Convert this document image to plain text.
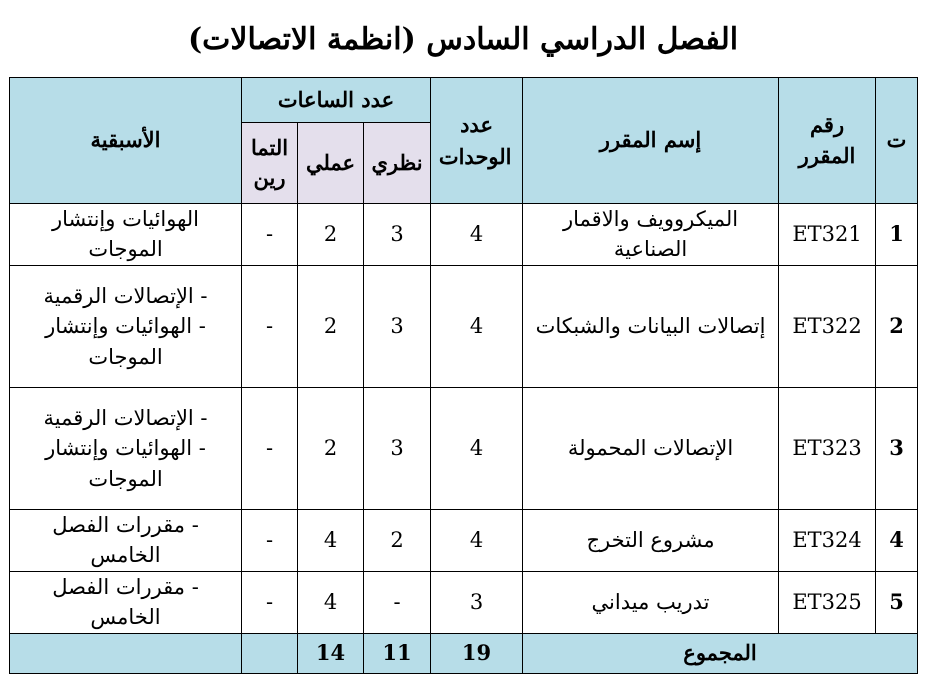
الفصل الدراسي السادس (انظمة الاتصالات)
ت	رقم المقرر	إسم المقرر	عدد الوحدات	عدد الساعات			الأسبقية
				نظري	عملي	التمارين	
1	ET321	الميكروويف والاقمار الصناعية	4	3	2	-	الهوائيات وإنتشار الموجات

2	ET322	إتصالات البيانات والشبكات	4	3	2	-	- الإتصالات الرقمية
- الهوائيات وإنتشار الموجات

3	ET323	الإتصالات المحمولة	4	3	2	-	- الإتصالات الرقمية
- الهوائيات وإنتشار الموجات

4	ET324	مشروع التخرج	4	2	4	-	- مقررات الفصل الخامس

5	ET325	تدريب ميداني	3	-	4	-	- مقررات الفصل الخامس

المجموع			19	11	14		
